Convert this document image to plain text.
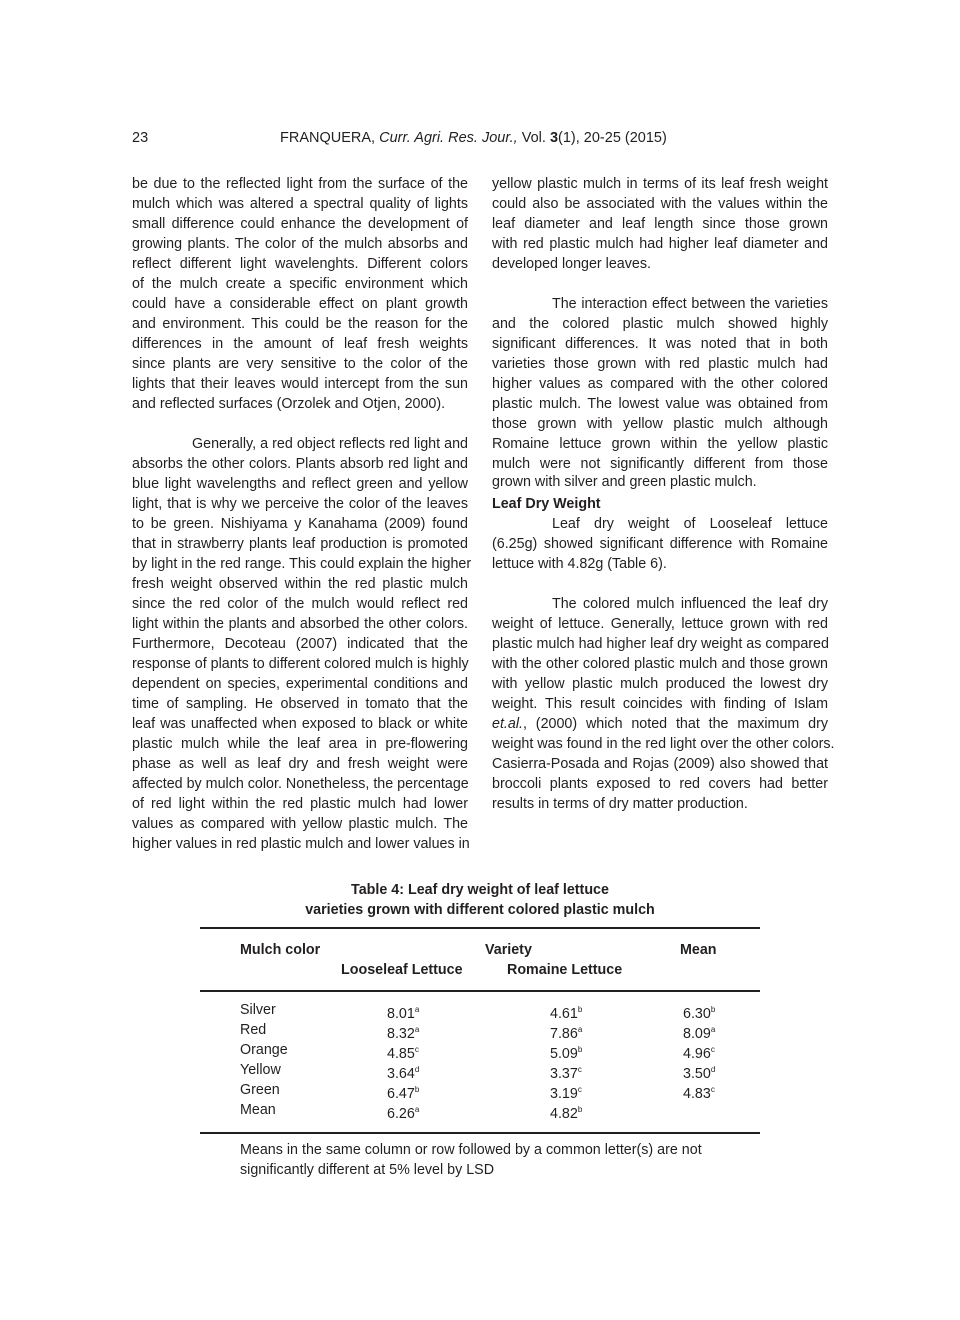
23	FRANQUERA, Curr. Agri. Res. Jour., Vol. 3(1), 20-25 (2015)
be due to the reflected light from the surface of the
mulch which was altered a spectral quality of lights
small difference could enhance the development of
growing plants. The color of the mulch absorbs and
reflect different light wavelenghts. Different colors
of the mulch create a specific environment which
could have a considerable effect on plant growth
and environment. This could be the reason for the
differences in the amount of leaf fresh weights
since plants are very sensitive to the color of the
lights that their leaves would intercept from the sun
and reflected surfaces (Orzolek and Otjen, 2000).
Generally, a red object reflects red light and
absorbs the other colors. Plants absorb red light and
blue light wavelengths and reflect green and yellow
light, that is why we perceive the color of the leaves
to be green. Nishiyama y Kanahama (2009) found
that in strawberry plants leaf production is promoted
by light in the red range. This could explain the higher
fresh weight observed within the red plastic mulch
since the red color of the mulch would reflect red
light within the plants and absorbed the other colors.
Furthermore, Decoteau (2007) indicated that the
response of plants to different colored mulch is highly
dependent on species, experimental conditions and
time of sampling. He observed in tomato that the
leaf was unaffected when exposed to black or white
plastic mulch while the leaf area in pre-flowering
phase as well as leaf dry and fresh weight were
affected by mulch color. Nonetheless, the percentage
of red light within the red plastic mulch had lower
values as compared with yellow plastic mulch. The
higher values in red plastic mulch and lower values in
yellow plastic mulch in terms of its leaf fresh weight
could also be associated with the values within the
leaf diameter and leaf length since those grown
with red plastic mulch had higher leaf diameter and
developed longer leaves.
The interaction effect between the varieties
and the colored plastic mulch showed highly
significant differences. It was noted that in both
varieties those grown with red plastic mulch had
higher values as compared with the other colored
plastic mulch. The lowest value was obtained from
those grown with yellow plastic mulch although
Romaine lettuce grown within the yellow plastic
mulch were not significantly different from those
grown with silver and green plastic mulch.
Leaf Dry Weight
Leaf dry weight of Looseleaf lettuce
(6.25g) showed significant difference with Romaine
lettuce with 4.82g (Table 6).
The colored mulch influenced the leaf dry
weight of lettuce. Generally, lettuce grown with red
plastic mulch had higher leaf dry weight as compared
with the other colored plastic mulch and those grown
with yellow plastic mulch produced the lowest dry
weight. This result coincides with finding of Islam
et.al., (2000) which noted that the maximum dry
weight was found in the red light over the other colors.
Casierra-Posada and Rojas (2009) also showed that
broccoli plants exposed to red covers had better
results in terms of dry matter production.
Table 4: Leaf dry weight of leaf lettuce
varieties grown with different colored plastic mulch
Mulch color	Variety	Mean
Looseleaf Lettuce	Romaine Lettuce
Silver	8.01$^a$	4.61$^b$	6.30$^b$
Red	8.32$^a$	7.86$^a$	8.09$^a$
Orange	4.85$^c$	5.09$^b$	4.96$^c$
Yellow	3.64$^d$	3.37$^c$	3.50$^d$
Green	6.47$^b$	3.19$^c$	4.83$^c$
Mean	6.26$^a$	4.82$^b$
Means in the same column or row followed by a common letter(s) are not
significantly different at 5% level by LSD
